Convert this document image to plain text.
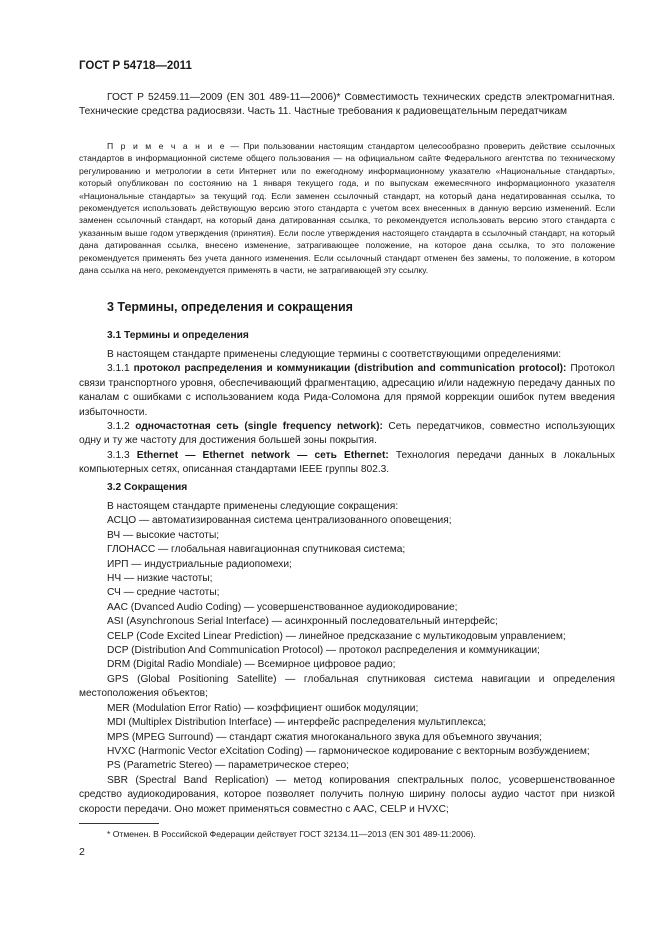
ГОСТ Р 54718—2011

ГОСТ Р 52459.11—2009 (EN 301 489-11—2006)* Совместимость технических средств электромагнитная. Технические средства радиосвязи. Часть 11. Частные требования к радиовещательным передатчикам

П р и м е ч а н и е — При пользовании настоящим стандартом целесообразно проверить действие ссылочных стандартов в информационной системе общего пользования — на официальном сайте Федерального агентства по техническому регулированию и метрологии в сети Интернет или по ежегодному информационному указателю «Национальные стандарты», который опубликован по состоянию на 1 января текущего года, и по выпускам ежемесячного информационного указателя «Национальные стандарты» за текущий год. Если заменен ссылочный стандарт, на который дана недатированная ссылка, то рекомендуется использовать действующую версию этого стандарта с учетом всех внесенных в данную версию изменений. Если заменен ссылочный стандарт, на который дана датированная ссылка, то рекомендуется использовать версию этого стандарта с указанным выше годом утверждения (принятия). Если после утверждения настоящего стандарта в ссылочный стандарт, на который дана датированная ссылка, внесено изменение, затрагивающее положение, на которое дана ссылка, то это положение рекомендуется применять без учета данного изменения. Если ссылочный стандарт отменен без замены, то положение, в котором дана ссылка на него, рекомендуется применять в части, не затрагивающей эту ссылку.

3 Термины, определения и сокращения
3.1 Термины и определения

В настоящем стандарте применены следующие термины с соответствующими определениями:

3.1.1 протокол распределения и коммуникации (distribution and communication protocol): Протокол связи транспортного уровня, обеспечивающий фрагментацию, адресацию и/или надежную передачу данных по каналам с ошибками с использованием кода Рида-Соломона для прямой коррекции ошибок путем введения избыточности.

3.1.2 одночастотная сеть (single frequency network): Сеть передатчиков, совместно использующих одну и ту же частоту для достижения большей зоны покрытия.

3.1.3 Ethernet — Ethernet network — сеть Ethernet: Технология передачи данных в локальных компьютерных сетях, описанная стандартами IEEE группы 802.3.

3.2 Сокращения

В настоящем стандарте применены следующие сокращения:

АСЦО — автоматизированная система централизованного оповещения;

ВЧ — высокие частоты;

ГЛОНАСС — глобальная навигационная спутниковая система;

ИРП — индустриальные радиопомехи;

НЧ — низкие частоты;

СЧ — средние частоты;

AAC (Dvanced Audio Coding) — усовершенствованное аудиокодирование;

ASI (Asynchronous Serial Interface) — асинхронный последовательный интерфейс;

CELP (Code Excited Linear Prediction) — линейное предсказание с мультикодовым управлением;

DCP (Distribution And Communication Protocol) — протокол распределения и коммуникации;

DRM (Digital Radio Mondiale) — Всемирное цифровое радио;

GPS (Global Positioning Satellite) — глобальная спутниковая система навигации и определения местоположения объектов;

MER (Modulation Error Ratio) — коэффициент ошибок модуляции;

MDI (Multiplex Distribution Interface) — интерфейс распределения мультиплекса;

MPS (MPEG Surround) — стандарт сжатия многоканального звука для объемного звучания;

HVXC (Harmonic Vector eXcitation Coding) — гармоническое кодирование с векторным возбуждением;

PS (Parametric Stereo) — параметрическое стерео;

SBR (Spectral Band Replication) — метод копирования спектральных полос, усовершенствованное средство аудиокодирования, которое позволяет получить полную ширину полосы аудио частот при низкой скорости передачи. Оно может применяться совместно с AAC, CELP и HVXC;

* Отменен. В Российской Федерации действует ГОСТ 32134.11—2013 (EN 301 489-11:2006).
2
